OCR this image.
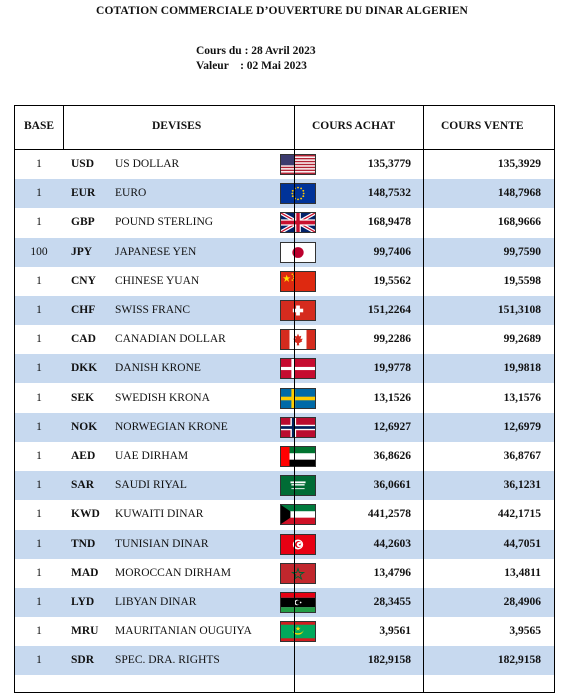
COTATION COMMERCIALE D’OUVERTURE DU DINAR ALGERIEN
Cours du : 28 Avril 2023
Valeur    : 02 Mai 2023
BASE	DEVISES	COURS ACHAT	COURS VENTE
1	USD US DOLLAR	135,3779	135,3929
1	EUR EURO	148,7532	148,7968
1	GBP POUND STERLING	168,9478	168,9666
100	JPY JAPANESE YEN	99,7406	99,7590
1	CNY CHINESE YUAN	19,5562	19,5598
1	CHF SWISS FRANC	151,2264	151,3108
1	CAD CANADIAN DOLLAR	99,2286	99,2689
1	DKK DANISH KRONE	19,9778	19,9818
1	SEK SWEDISH KRONA	13,1526	13,1576
1	NOK NORWEGIAN KRONE	12,6927	12,6979
1	AED UAE DIRHAM	36,8626	36,8767
1	SAR SAUDI RIYAL	36,0661	36,1231
1	KWD KUWAITI DINAR	441,2578	442,1715
1	TND TUNISIAN DINAR	44,2603	44,7051
1	MAD MOROCCAN DIRHAM	13,4796	13,4811
1	LYD LIBYAN DINAR	28,3455	28,4906
1	MRU MAURITANIAN OUGUIYA	3,9561	3,9565
1	SDR SPEC. DRA. RIGHTS	182,9158	182,9158
